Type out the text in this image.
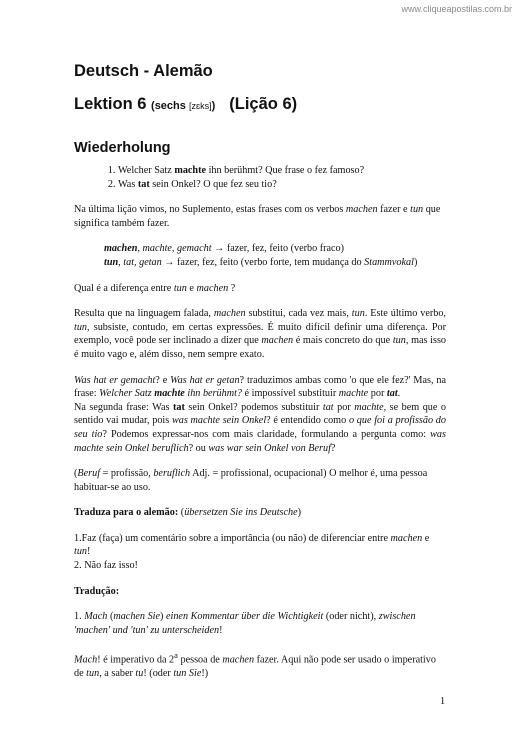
www.cliqueapostilas.com.br
Deutsch - Alemão
Lektion 6 (sechs [zɛks]) (Lição 6)
Wiederholung
1. Welcher Satz machte ihn berühmt? Que frase o fez famoso?
2. Was tat sein Onkel? O que fez seu tio?

Na última lição vimos, no Suplemento, estas frases com os verbos machen fazer e tun que significa também fazer.

machen, machte, gemacht → fazer, fez, feito (verbo fraco)
tun, tat, getan → fazer, fez, feito (verbo forte, tem mudança do Stammvokal)

Qual é a diferença entre tun e machen ?

Resulta que na linguagem falada, machen substitui, cada vez mais, tun. Este último verbo, tun, subsiste, contudo, em certas expressões. É muito difícil definir uma diferença. Por exemplo, você pode ser inclinado a dizer que machen é mais concreto do que tun, mas isso é muito vago e, além disso, nem sempre exato.

Was hat er gemacht? e Was hat er getan? traduzimos ambas como 'o que ele fez?' Mas, na frase: Welcher Satz machte ihn berühmt? é impossível substituir machte por tat.

Na segunda frase: Was tat sein Onkel? podemos substituir tat por machte, se bem que o sentido vai mudar, pois was machte sein Onkel? é entendido como o que foi a profissão do seu tio? Podemos expressar-nos com mais claridade, formulando a pergunta como: was machte sein Onkel beruflich? ou was war sein Onkel von Beruf?

(Beruf = profissão, beruflich Adj. = profissional, ocupacional) O melhor é, uma pessoa habituar-se ao uso.

Traduza para o alemão: (übersetzen Sie ins Deutsche)

1.Faz (faça) um comentário sobre a importância (ou não) de diferenciar entre machen e tun!

2. Não faz isso!

Tradução:

1. Mach (machen Sie) einen Kommentar über die Wichtigkeit (oder nicht), zwischen 'machen' und 'tun' zu unterscheiden!

Mach! é imperativo da 2$^a$ pessoa de machen fazer. Aqui não pode ser usado o imperativo de tun, a saber tu! (oder tun Sie!)

1
